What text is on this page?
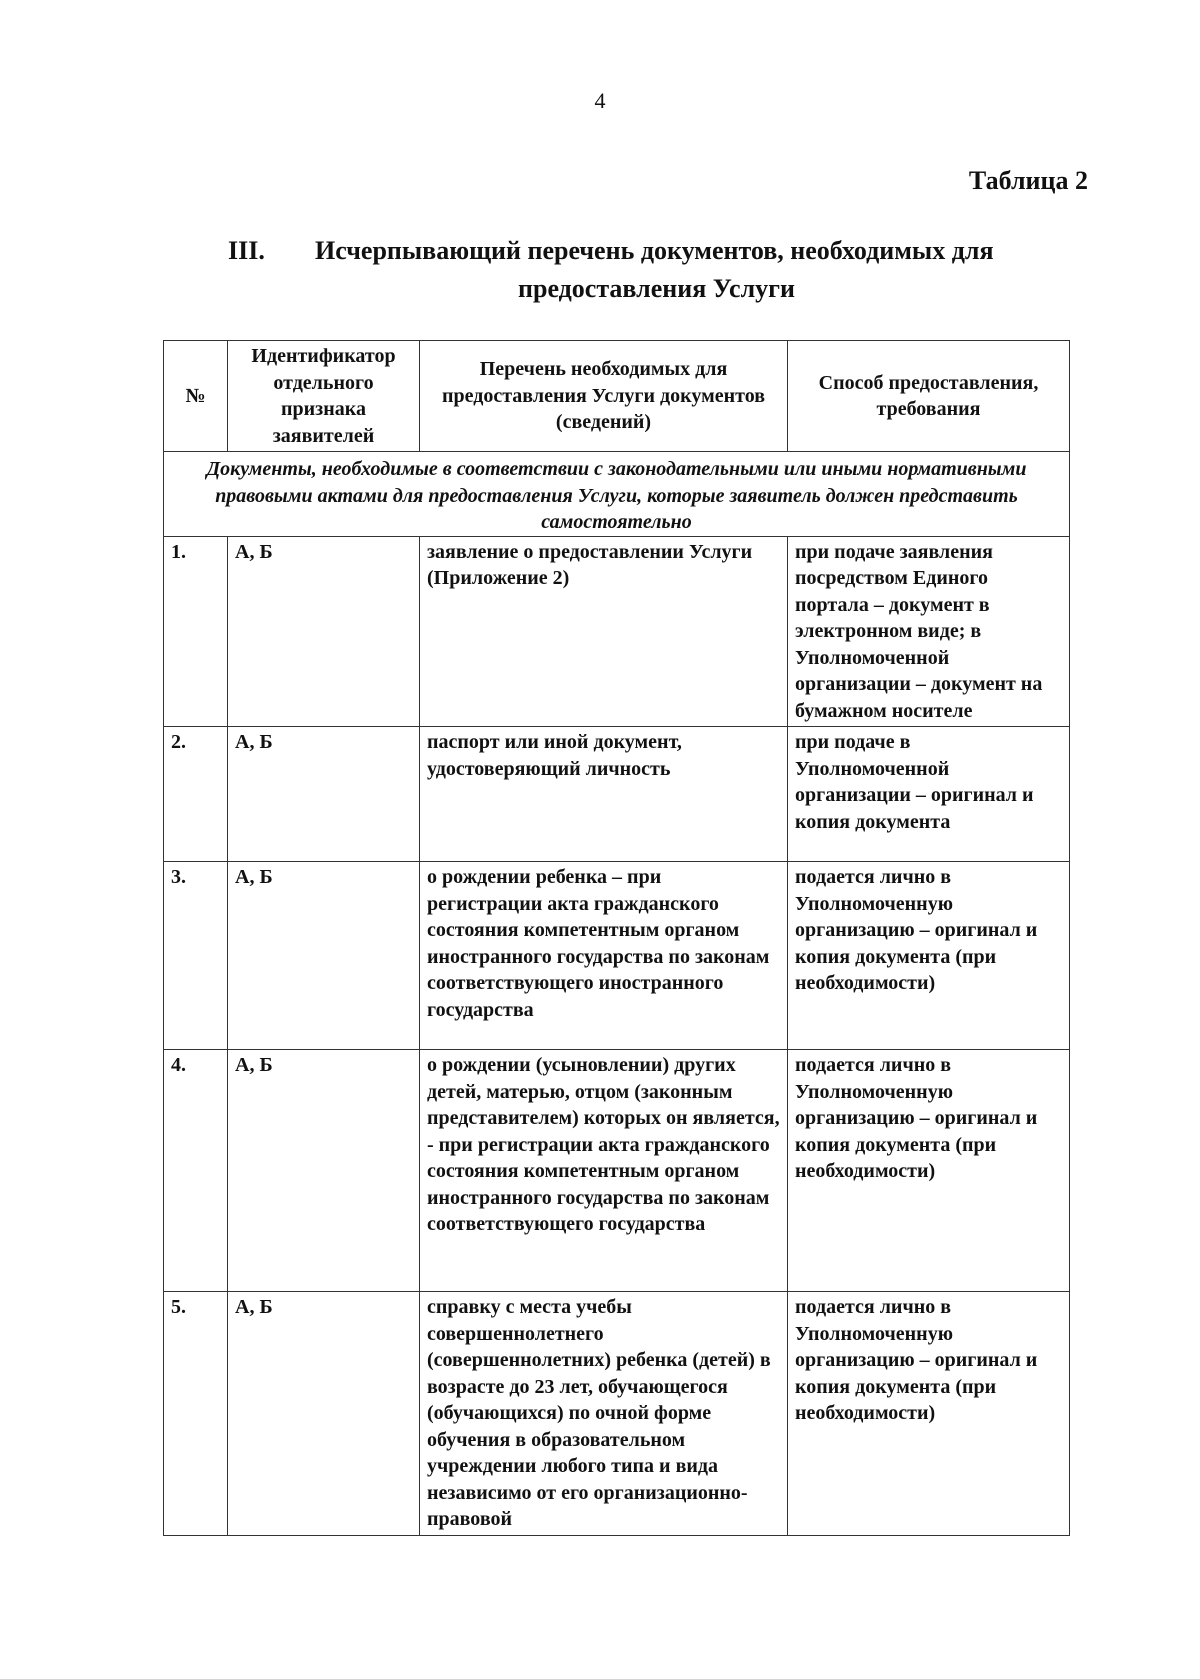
4
Таблица 2
III. Исчерпывающий перечень документов, необходимых для
предоставления Услуги
№	Идентификатор отдельного признака заявителей	Перечень необходимых для предоставления Услуги документов (сведений)	Способ предоставления, требования
Документы, необходимые в соответствии с законодательными или иными нормативными правовыми актами для предоставления Услуги, которые заявитель должен представить самостоятельно			
1.	А, Б	заявление о предоставлении Услуги (Приложение 2)	при подаче заявления посредством Единого портала – документ в электронном виде; в Уполномоченной организации – документ на бумажном носителе
2.	А, Б	паспорт или иной документ, удостоверяющий личность	при подаче в Уполномоченной организации – оригинал и копия документа
3.	А, Б	о рождении ребенка – при регистрации акта гражданского состояния компетентным органом иностранного государства по законам соответствующего иностранного государства	подается лично в Уполномоченную организацию – оригинал и копия документа (при необходимости)
4.	А, Б	о рождении (усыновлении) других детей, матерью, отцом (законным представителем) которых он является, - при регистрации акта гражданского состояния компетентным органом иностранного государства по законам соответствующего государства	подается лично в Уполномоченную организацию – оригинал и копия документа (при необходимости)
5.	А, Б	справку с места учебы совершеннолетнего (совершеннолетних) ребенка (детей) в возрасте до 23 лет, обучающегося (обучающихся) по очной форме обучения в образовательном учреждении любого типа и вида независимо от его организационно-правовой	подается лично в Уполномоченную организацию – оригинал и копия документа (при необходимости)
